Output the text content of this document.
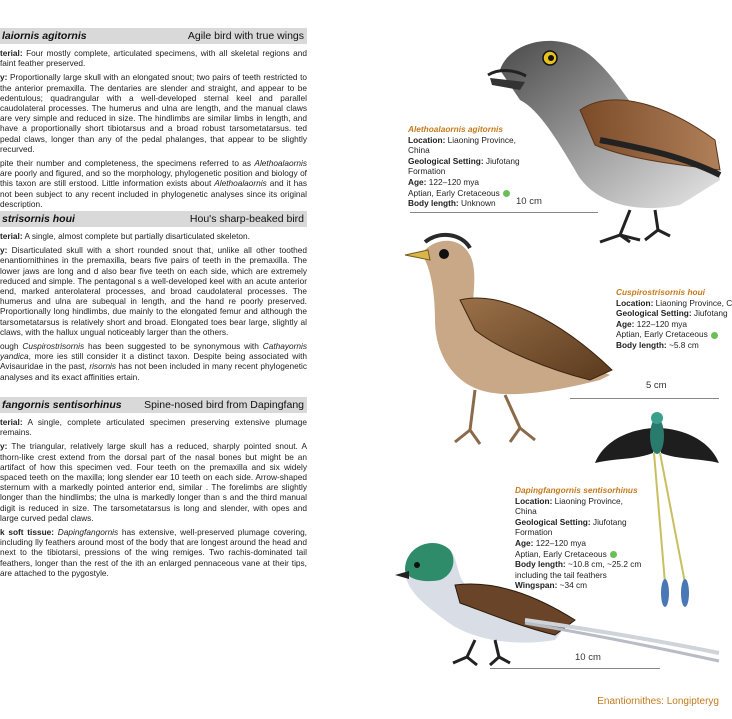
laiornis agitornis	Agile bird with true wings

terial: Four mostly complete, articulated specimens, with all skeletal regions and faint feather preserved.

y: Proportionally large skull with an elongated snout; two pairs of teeth restricted to the anterior premaxilla. The dentaries are slender and straight, and appear to be edentulous; quadrangular with a well-developed sternal keel and parallel caudolateral processes. The humerus and ulna are length, and the manual claws are very simple and reduced in size. The hindlimbs are similar limbs in length, and have a proportionally short tibiotarsus and a broad robust tarsometatarsus. ted pedal claws, longer than any of the pedal phalanges, that appear to be slightly recurved.

pite their number and completeness, the specimens referred to as Alethoalaornis are poorly and figured, and so the morphology, phylogenetic position and biology of this taxon are still erstood. Little information exists about Alethoalaornis and it has not been subject to any recent included in phylogenetic analyses since its original description.

strisornis houi	Hou's sharp-beaked bird

terial: A single, almost complete but partially disarticulated skeleton.

y: Disarticulated skull with a short rounded snout that, unlike all other toothed enantiornithines in the premaxilla, bears five pairs of teeth in the premaxilla. The lower jaws are long and d also bear five teeth on each side, which are extremely reduced and simple. The pentagonal s a well-developed keel with an acute anterior end, marked anterolateral processes, and broad caudolateral processes. The humerus and ulna are subequal in length, and the hand re poorly preserved. Proportionally long hindlimbs, due mainly to the elongated femur and although the tarsometatarsus is relatively short and broad. Elongated toes bear large, slightly al claws, with the hallux ungual noticeably larger than the others.

ough Cuspirostrisornis has been suggested to be synonymous with Cathayornis yandica, more ies still consider it a distinct taxon. Despite being associated with Avisauridae in the past, risornis has not been included in many recent phylogenetic analyses and its exact affinities ertain.

fangornis sentisorhinus Spine-nosed bird from Dapingfang

terial: A single, complete articulated specimen preserving extensive plumage remains.

y: The triangular, relatively large skull has a reduced, sharply pointed snout. A thorn-like crest extend from the dorsal part of the nasal bones but might be an artifact of how this specimen ved. Four teeth on the premaxilla and six widely spaced teeth on the maxilla; long slender ear 10 teeth on each side. Arrow-shaped sternum with a markedly pointed anterior end, similar . The forelimbs are slightly longer than the hindlimbs; the ulna is markedly longer than s and the third manual digit is reduced in size. The tarsometatarsus is long and slender, with opes and large curved pedal claws.

k soft tissue: Dapingfangornis has extensive, well-preserved plumage covering, including lly feathers around most of the body that are longest around the head and next to the tibiotarsi, pressions of the wing remiges. Two rachis-dominated tail feathers, longer than the rest of the ith an enlarged pennaceous vane at their tips, are attached to the pygostyle.

Alethoalaornis agitornis
Location: Liaoning Province, China
Geological Setting: Jiufotang Formation
Age: 122–120 mya
Aptian, Early Cretaceous
Body length: Unknown	10 cm
Cuspirostrisornis houi
Location: Liaoning Province, C
Geological Setting: Jiufotang
Age: 122–120 mya
Aptian, Early Cretaceous
Body length: ~5.8 cm
5 cm
Dapingfangornis sentisorhinus
Location: Liaoning Province, China
Geological Setting: Jiufotang Formation
Age: 122–120 mya
Aptian, Early Cretaceous
Body length: ~10.8 cm, ~25.2 cm
including the tail feathers
Wingspan: ~34 cm
10 cm
Enantiornithes: Longipteryg
